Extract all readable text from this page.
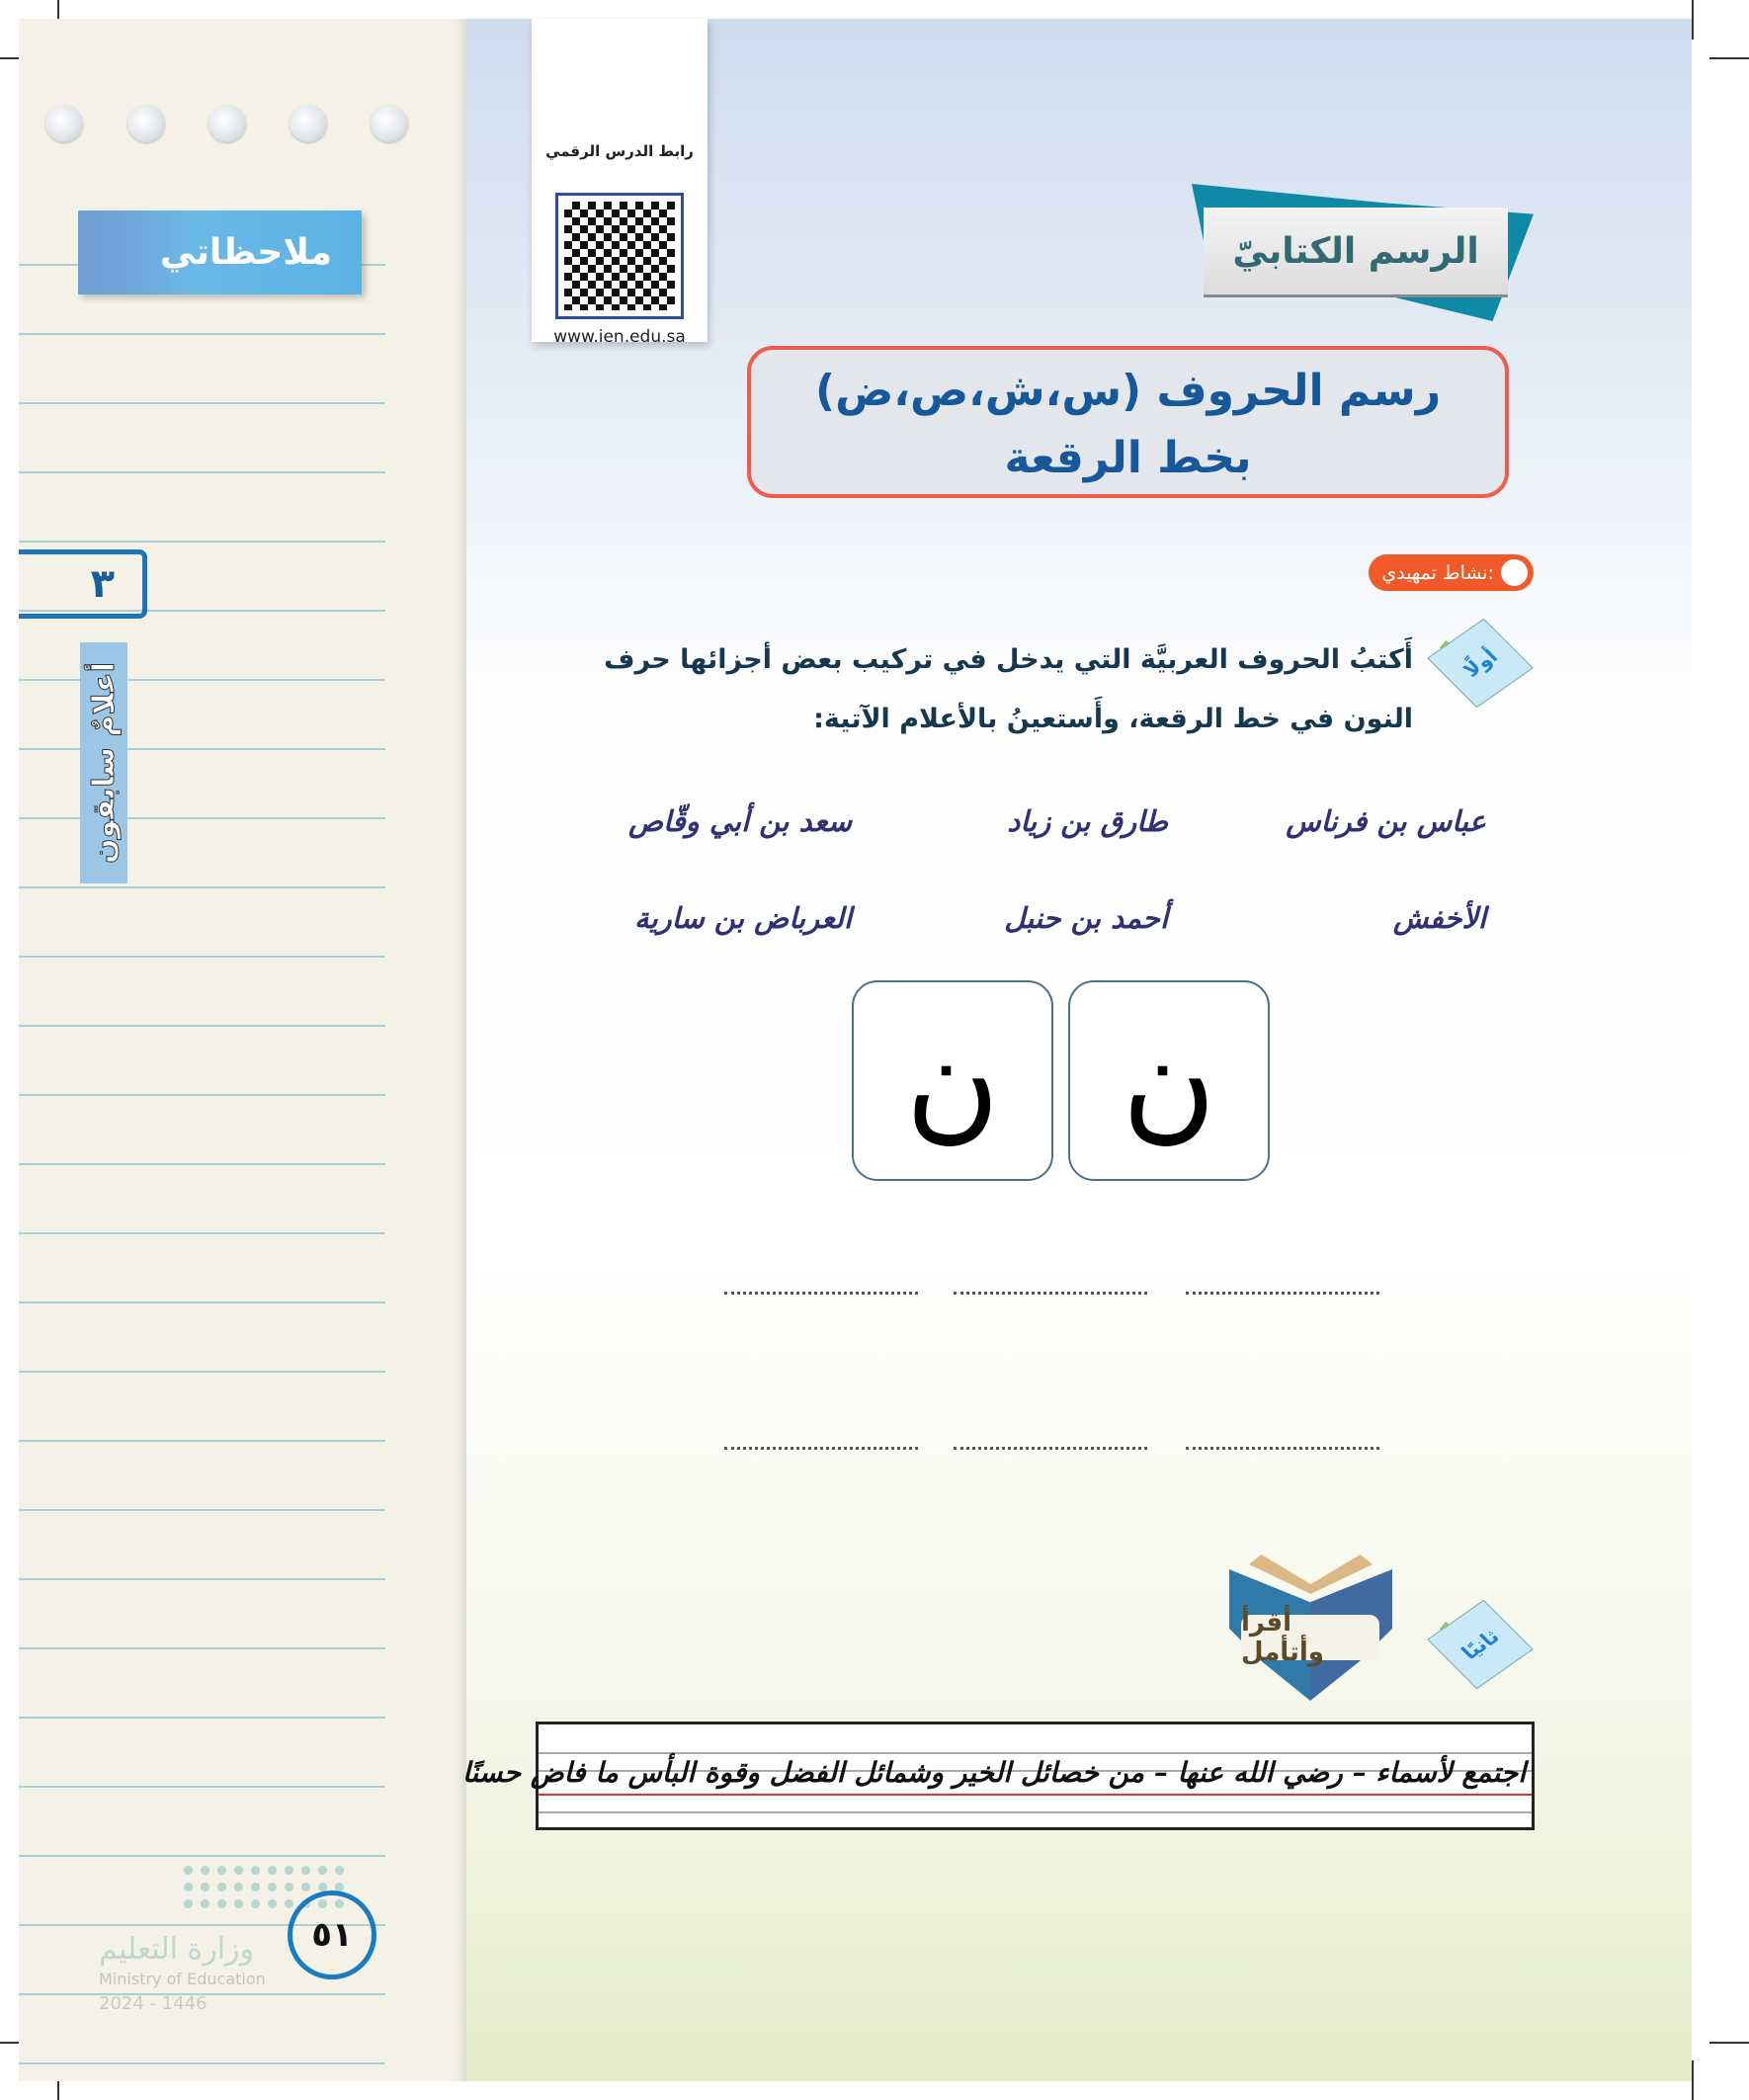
ملاحظاتي
٣
أعلامٌ سابقون
رابط الدرس الرقمي
www.ien.edu.sa
الرسم الكتابيّ
رسم الحروف (س،ش،ص،ض)
بخط الرقعة
نشاط تمهيدي:
أولًا
أَكتبُ الحروف العربيَّة التي يدخل في تركيب بعض أجزائها حرف
النون في خط الرقعة، وأَستعينُ بالأعلام الآتية:
عباس بن فرناس
طارق بن زياد
سعد بن أبي وقّاص
الأخفش
أحمد بن حنبل
العرباض بن سارية
ن
ن
أقرأ وأتأمل	ثانيًا
اجتمع لأسماء – رضي الله عنها – من خصائل الخير وشمائل الفضل وقوة البأس ما فاض حسنًا
٥١
وزارة التعليم
Ministry of Education
2024 - 1446
